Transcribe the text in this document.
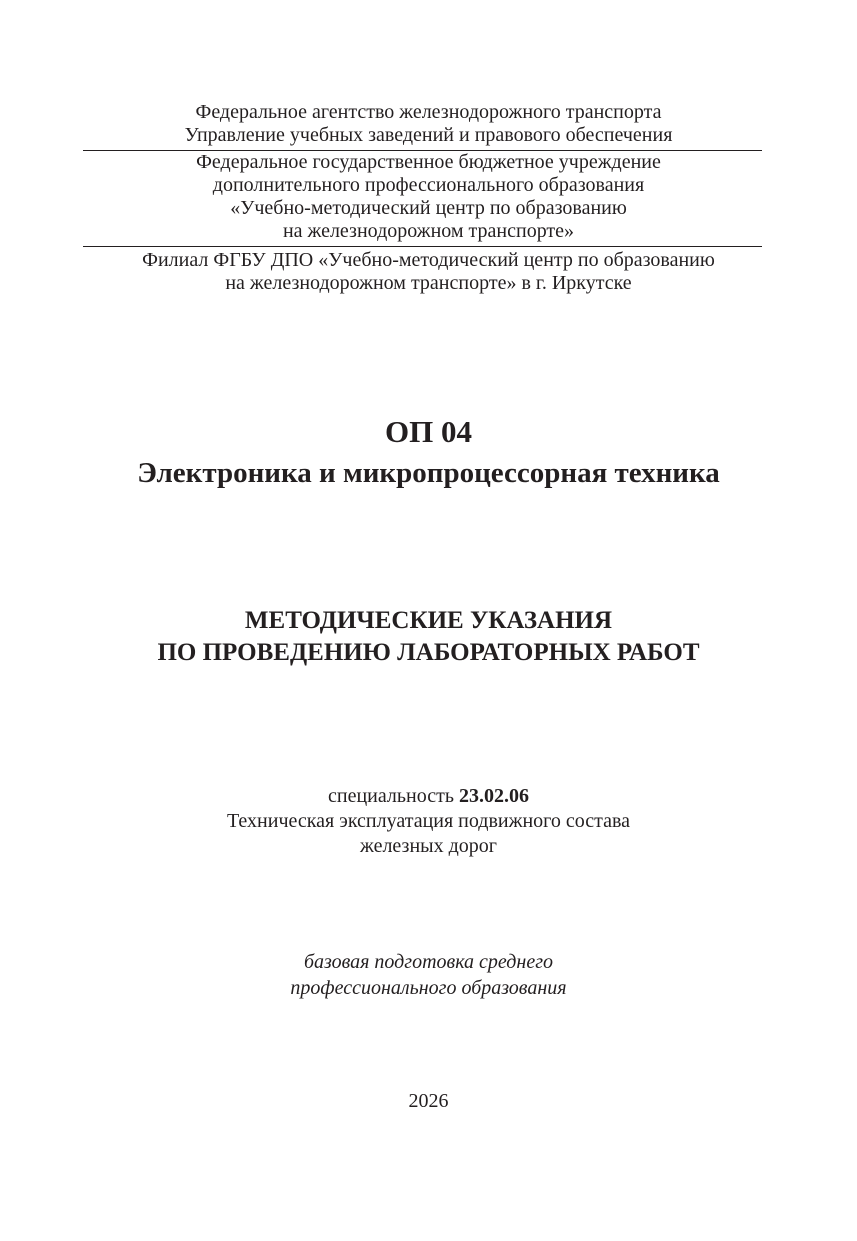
Федеральное агентство железнодорожного транспорта
Управление учебных заведений и правового обеспечения
Федеральное государственное бюджетное учреждение
дополнительного профессионального образования
«Учебно-методический центр по образованию
на железнодорожном транспорте»
Филиал ФГБУ ДПО «Учебно-методический центр по образованию
на железнодорожном транспорте» в г. Иркутске
ОП 04
Электроника и микропроцессорная техника
МЕТОДИЧЕСКИЕ УКАЗАНИЯ
ПО ПРОВЕДЕНИЮ ЛАБОРАТОРНЫХ РАБОТ
специальность 23.02.06
Техническая эксплуатация подвижного состава
железных дорог
базовая подготовка среднего
профессионального образования
2026
